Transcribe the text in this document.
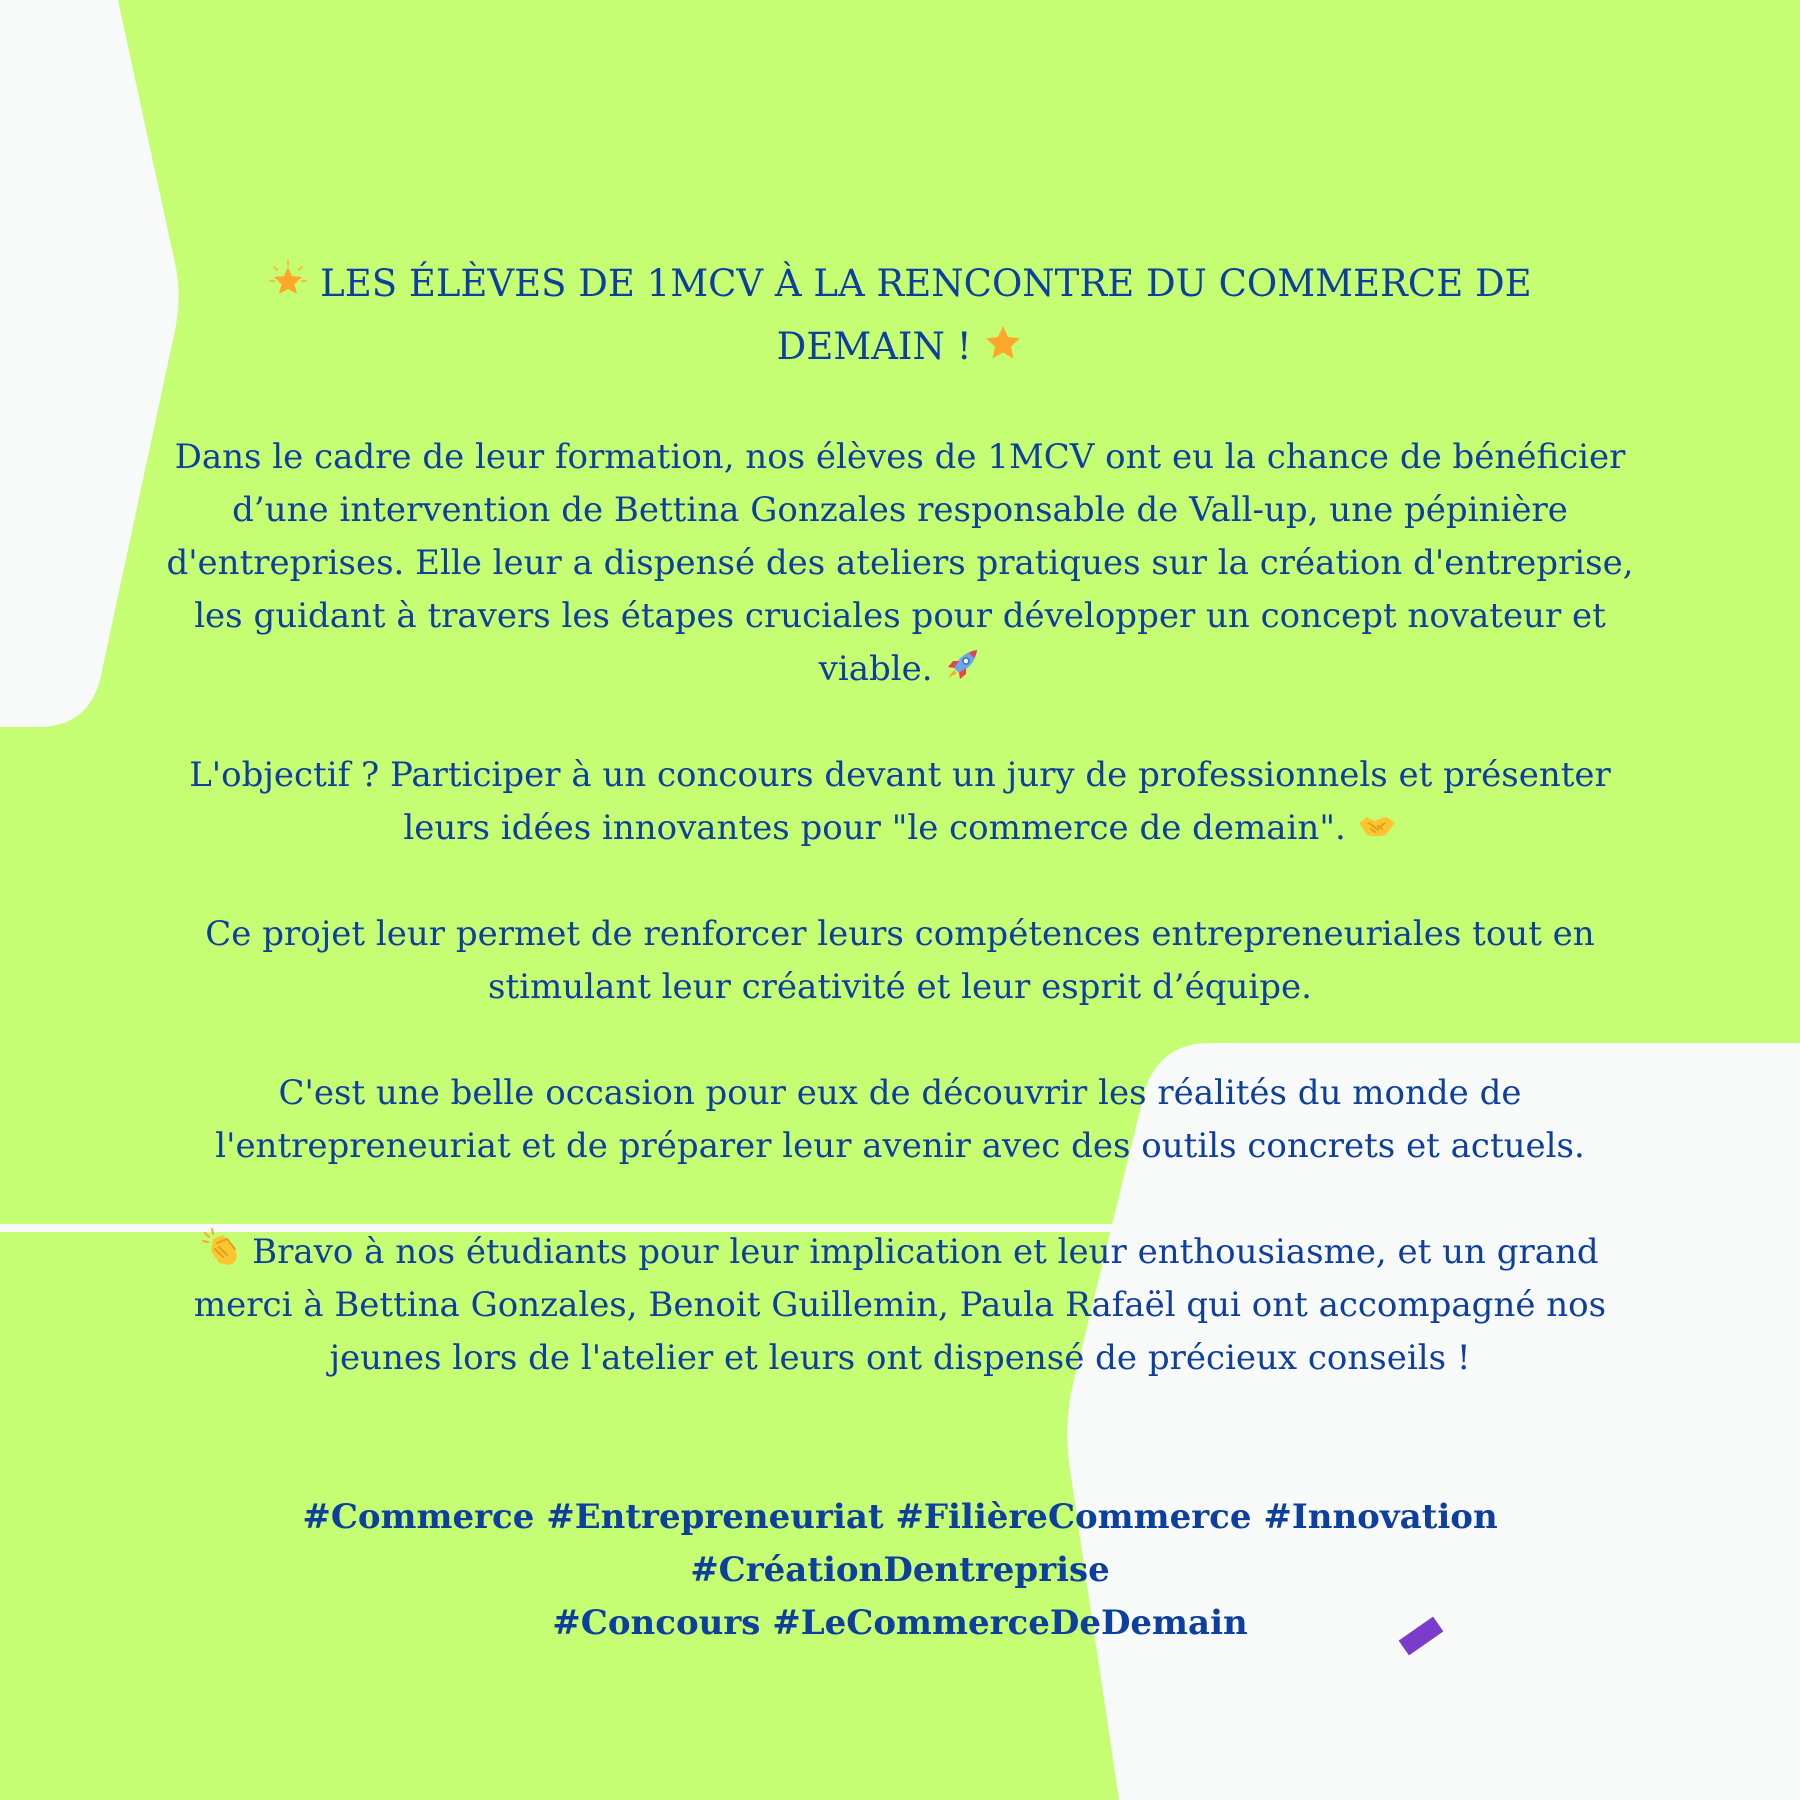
LES ÉLÈVES DE 1MCV À LA RENCONTRE DU COMMERCE DE
DEMAIN !

Dans le cadre de leur formation, nos élèves de 1MCV ont eu la chance de bénéficier
d’une intervention de Bettina Gonzales responsable de Vall-up, une pépinière
d'entreprises. Elle leur a dispensé des ateliers pratiques sur la création d'entreprise,
les guidant à travers les étapes cruciales pour développer un concept novateur et
viable.

L'objectif ? Participer à un concours devant un jury de professionnels et présenter
leurs idées innovantes pour "le commerce de demain".

Ce projet leur permet de renforcer leurs compétences entrepreneuriales tout en
stimulant leur créativité et leur esprit d’équipe.

C'est une belle occasion pour eux de découvrir les réalités du monde de
l'entrepreneuriat et de préparer leur avenir avec des outils concrets et actuels.

Bravo à nos étudiants pour leur implication et leur enthousiasme, et un grand
merci à Bettina Gonzales, Benoit Guillemin, Paula Rafaël qui ont accompagné nos
jeunes lors de l'atelier et leurs ont dispensé de précieux conseils !

#Commerce #Entrepreneuriat #FilièreCommerce #Innovation #CréationDentreprise
#Concours #LeCommerceDeDemain
